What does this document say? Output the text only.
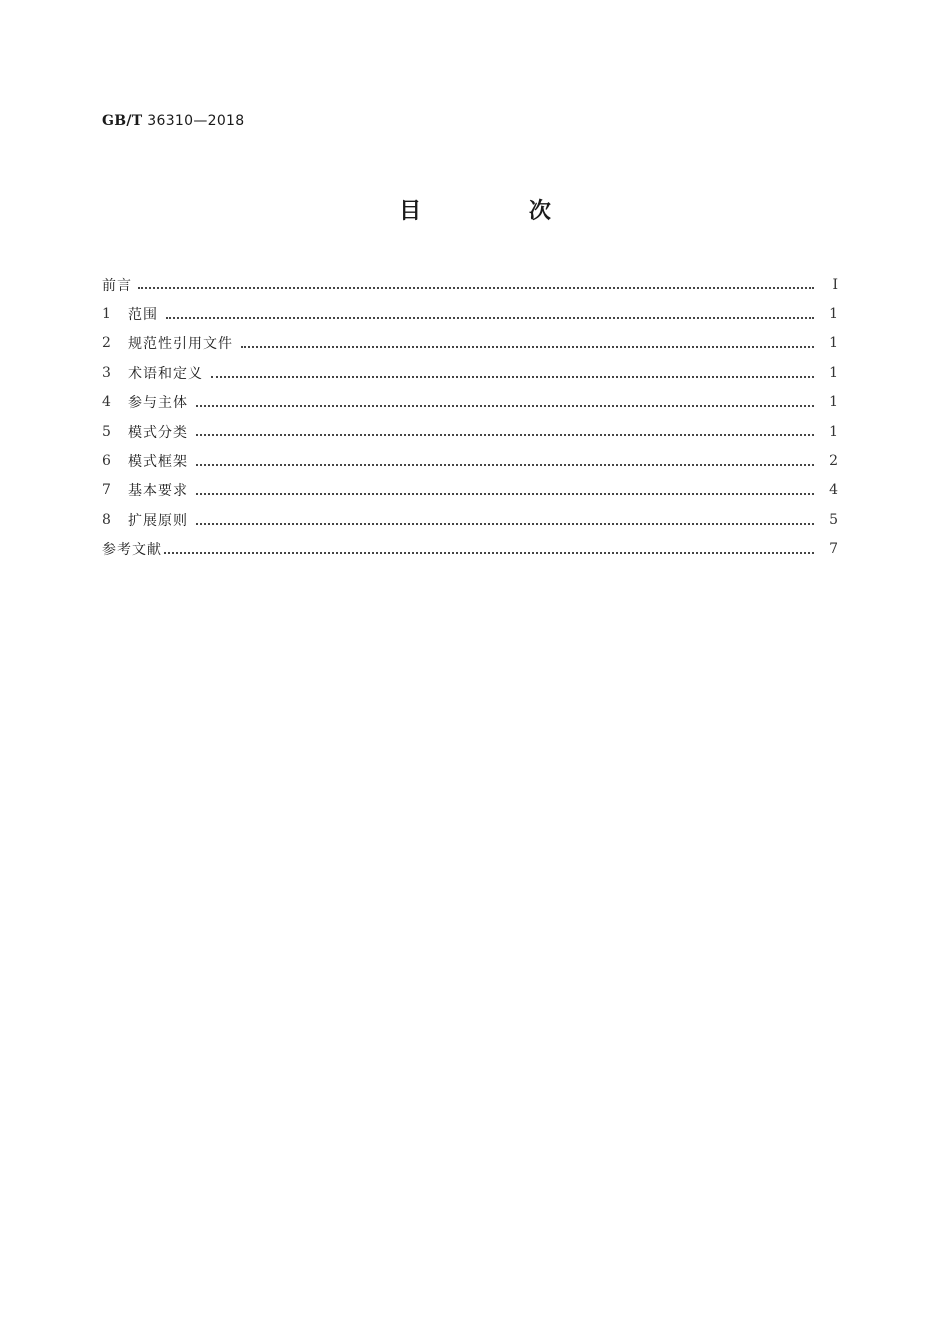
GB/T 36310—2018
目 次
前言	Ⅰ
1	范围	1
2	规范性引用文件	1
3	术语和定义	1
4	参与主体	1
5	模式分类	1
6	模式框架	2
7	基本要求	4
8	扩展原则	5
参考文献	7
